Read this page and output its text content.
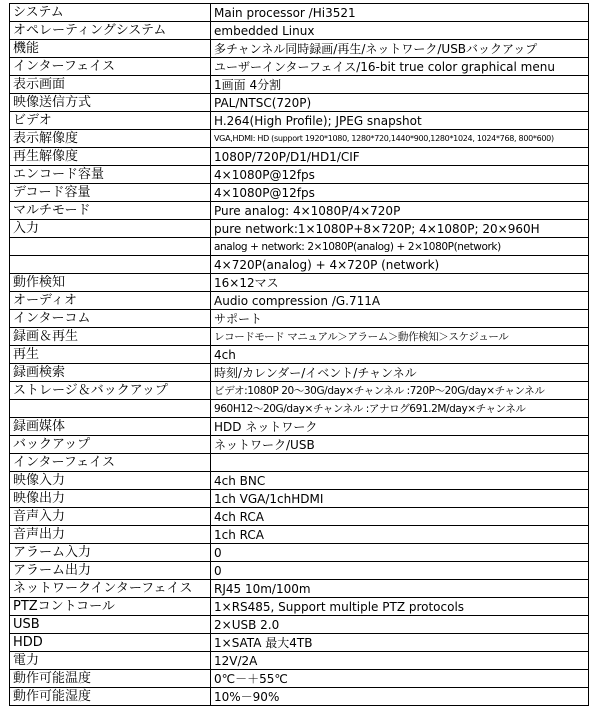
システム	Main processor /Hi3521
オペレーティングシステム	embedded Linux
機能	多チャンネル同時録画/再生/ネットワーク/USBバックアップ
インターフェイス	ユーザーインターフェイス/16-bit true color graphical menu
表示画面	1画面 4分割
映像送信方式	PAL/NTSC(720P)
ビデオ	H.264(High Profile); JPEG snapshot
表示解像度	VGA,HDMI: HD (support 1920*1080, 1280*720,1440*900,1280*1024, 1024*768, 800*600)
再生解像度	1080P/720P/D1/HD1/CIF
エンコード容量	4×1080P@12fps
デコード容量	4×1080P@12fps
マルチモード	Pure analog: 4×1080P/4×720P
入力	pure network:1×1080P+8×720P; 4×1080P; 20×960H
	analog + network: 2×1080P(analog) + 2×1080P(network)
	4×720P(analog) + 4×720P (network)
動作検知	16×12マス
オーディオ	Audio compression /G.711A
インターコム	サポート
録画＆再生	レコードモード マニュアル＞アラーム＞動作検知＞スケジュール
再生	4ch
録画検索	時刻/カレンダー/イベント/チャンネル
ストレージ＆バックアップ	ビデオ:1080P 20～30G/day×チャンネル :720P～20G/day×チャンネル
	960H12～20G/day×チャンネル :アナログ691.2M/day×チャンネル
録画媒体	HDD ネットワーク
バックアップ	ネットワーク/USB
インターフェイス	
映像入力	4ch BNC
映像出力	1ch VGA/1chHDMI
音声入力	4ch RCA
音声出力	1ch RCA
アラーム入力	0
アラーム出力	0
ネットワークインターフェイス	RJ45 10m/100m
PTZコントコール	1×RS485, Support multiple PTZ protocols
USB	2×USB 2.0
HDD	1×SATA 最大4TB
電力	12V/2A
動作可能温度	0℃－＋55℃
動作可能湿度	10%－90%
